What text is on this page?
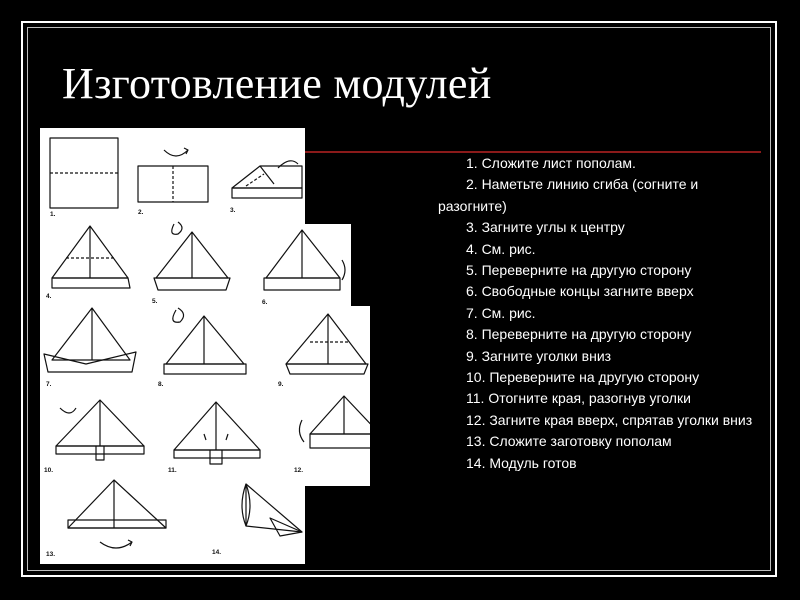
Изготовление модулей
1.	2.	3.
4.
5.	6.
7.	8.	9.
10.	11.	12.
13.	14.
1. Сложите лист пополам.
2. Наметьте линию сгиба (согните и разогните)
3. Загните углы к центру
4. См. рис.
5. Переверните на другую сторону
6. Свободные концы загните вверх
7. См. рис.
8. Переверните на другую сторону
9. Загните уголки вниз
10. Переверните на другую сторону
11. Отогните края, разогнув уголки
12. Загните края вверх, спрятав уголки вниз
13. Сложите заготовку пополам
14. Модуль готов
